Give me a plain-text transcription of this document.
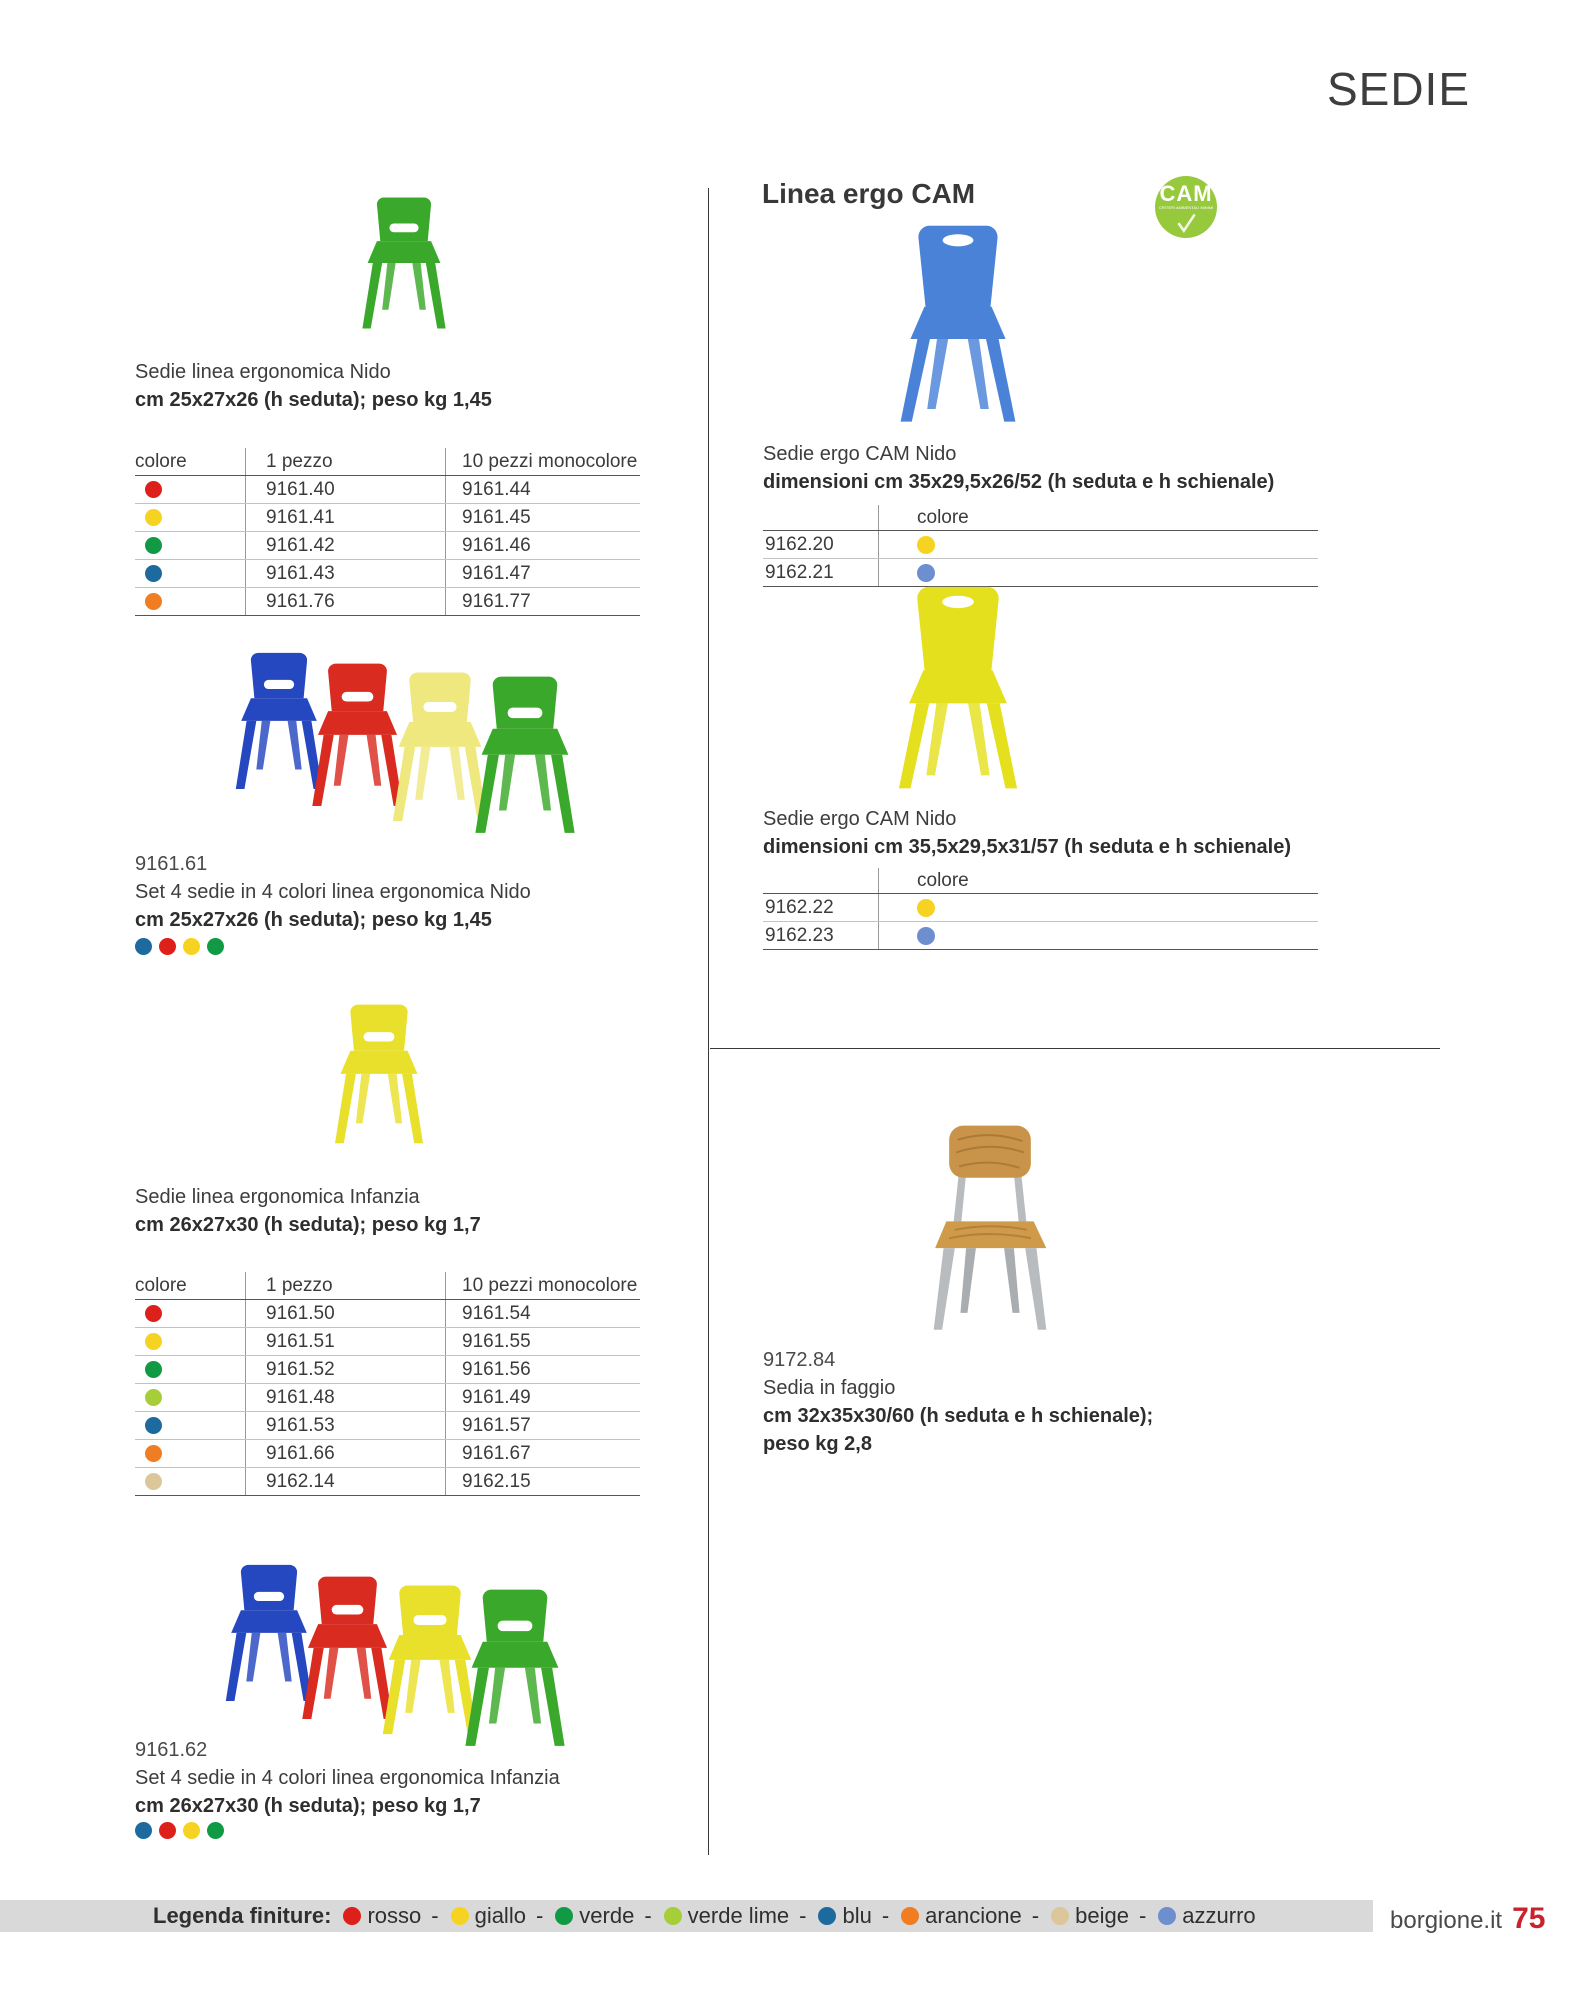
SEDIE
Sedie linea ergonomica Nido
cm 25x27x26 (h seduta); peso kg 1,45
colore	1 pezzo	10 pezzi monocolore
9161.40	9161.44
9161.41	9161.45
9161.42	9161.46
9161.43	9161.47
9161.76	9161.77
9161.61
Set 4 sedie in 4 colori linea ergonomica Nido
cm 25x27x26 (h seduta); peso kg 1,45
Sedie linea ergonomica Infanzia
cm 26x27x30 (h seduta); peso kg 1,7
colore	1 pezzo	10 pezzi monocolore
9161.50	9161.54
9161.51	9161.55
9161.52	9161.56
9161.48	9161.49
9161.53	9161.57
9161.66	9161.67
9162.14	9162.15
9161.62
Set 4 sedie in 4 colori linea ergonomica Infanzia
cm 26x27x30 (h seduta); peso kg 1,7
Linea ergo CAM	CAM
CRITERI AMBIENTALI MINIMI
Sedie ergo CAM Nido
dimensioni cm 35x29,5x26/52 (h seduta e h schienale)
colore
9162.20
9162.21
Sedie ergo CAM Nido
dimensioni cm 35,5x29,5x31/57 (h seduta e h schienale)
colore
9162.22
9162.23
9172.84
Sedia in faggio
cm 32x35x30/60 (h seduta e h schienale);
peso kg 2,8
Legenda finiture: rosso
- giallo
- verde
- verde lime
- blu
- arancione
- beige
- azzurro	borgione.it 75
